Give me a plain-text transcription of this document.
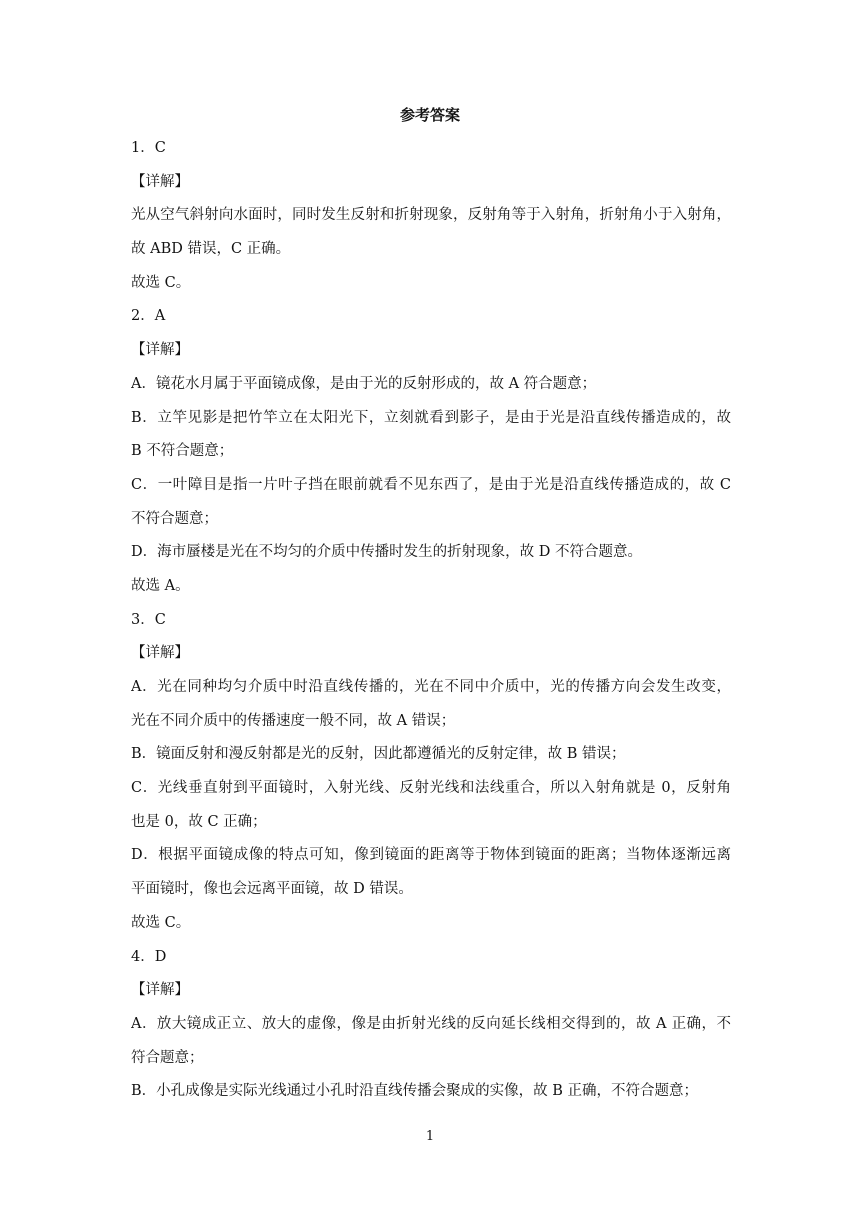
参考答案
1．C
【详解】
光从空气斜射向水面时，同时发生反射和折射现象，反射角等于入射角，折射角小于入射角，
故 ABD 错误，C 正确。
故选 C。
2．A
【详解】
A．镜花水月属于平面镜成像，是由于光的反射形成的，故 A 符合题意；
B．立竿见影是把竹竿立在太阳光下，立刻就看到影子，是由于光是沿直线传播造成的，故
B 不符合题意；
C．一叶障目是指一片叶子挡在眼前就看不见东西了，是由于光是沿直线传播造成的，故 C
不符合题意；
D．海市蜃楼是光在不均匀的介质中传播时发生的折射现象，故 D 不符合题意。
故选 A。
3．C
【详解】
A．光在同种均匀介质中时沿直线传播的，光在不同中介质中，光的传播方向会发生改变，
光在不同介质中的传播速度一般不同，故 A 错误；
B．镜面反射和漫反射都是光的反射，因此都遵循光的反射定律，故 B 错误；
C．光线垂直射到平面镜时，入射光线、反射光线和法线重合，所以入射角就是 0，反射角
也是 0，故 C 正确；
D．根据平面镜成像的特点可知，像到镜面的距离等于物体到镜面的距离；当物体逐渐远离
平面镜时，像也会远离平面镜，故 D 错误。
故选 C。
4．D
【详解】
A．放大镜成正立、放大的虚像，像是由折射光线的反向延长线相交得到的，故 A 正确，不
符合题意；
B．小孔成像是实际光线通过小孔时沿直线传播会聚成的实像，故 B 正确，不符合题意；
1
